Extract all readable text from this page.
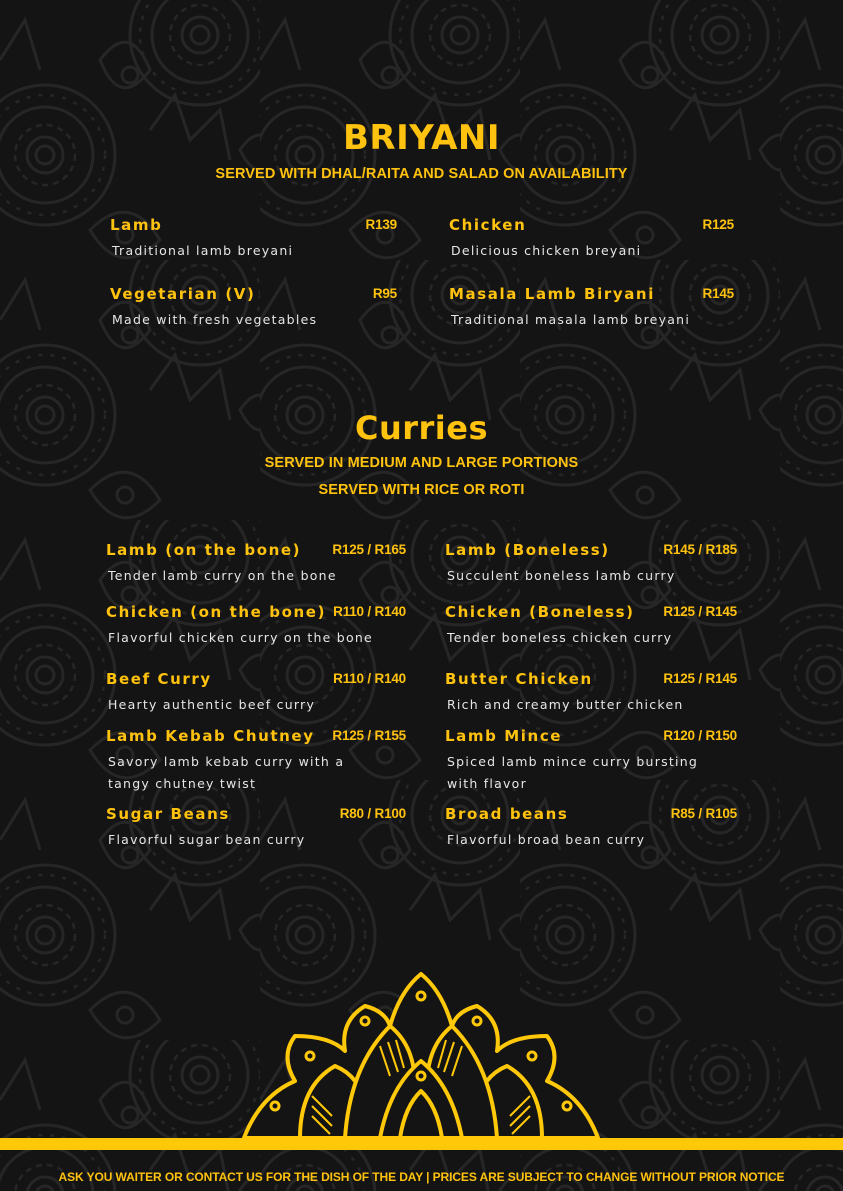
BRIYANI
SERVED WITH DHAL/RAITA AND SALAD ON AVAILABILITY
Lamb	R139
Traditional lamb breyani
Chicken	R125
Delicious chicken breyani
Vegetarian (V)	R95
Made with fresh vegetables
Masala Lamb Biryani	R145
Traditional masala lamb breyani
Curries
SERVED IN MEDIUM AND LARGE PORTIONS
SERVED WITH RICE OR ROTI
Lamb (on the bone) R125 / R165
Tender lamb curry on the bone
Lamb (Boneless)	R145 / R185
Succulent boneless lamb curry
Chicken (on the bone) R110 / R140
Flavorful chicken curry on the bone
Chicken (Boneless) R125 / R145
Tender boneless chicken curry
Beef Curry	R110 / R140
Hearty authentic beef curry
Butter Chicken	R125 / R145
Rich and creamy butter chicken
Lamb Kebab Chutney R125 / R155
Savory lamb kebab curry with a tangy chutney twist
Lamb Mince	R120 / R150
Spiced lamb mince curry bursting with flavor
Sugar Beans	R80 / R100
Flavorful sugar bean curry
Broad beans	R85 / R105
Flavorful broad bean curry
ASK YOU WAITER OR CONTACT US FOR THE DISH OF THE DAY | PRICES ARE SUBJECT TO CHANGE WITHOUT PRIOR NOTICE
